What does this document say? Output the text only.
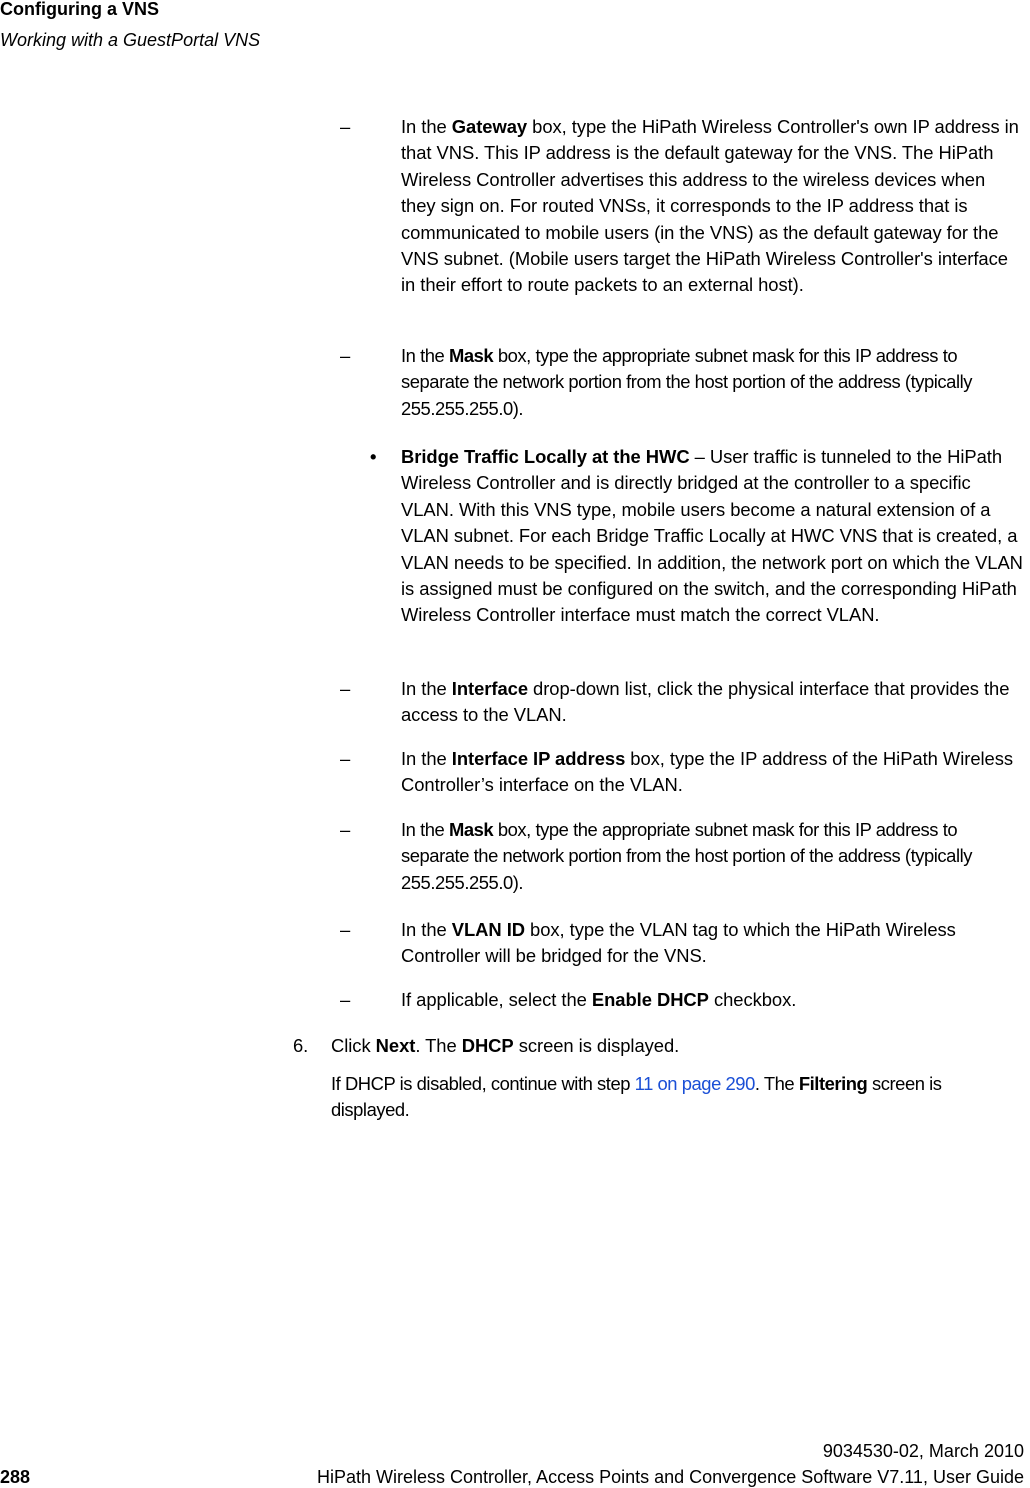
Configuring a VNS
Working with a GuestPortal VNS
–	In the Gateway box, type the HiPath Wireless Controller's own IP address in that VNS. This IP address is the default gateway for the VNS. The HiPath Wireless Controller advertises this address to the wireless devices when they sign on. For routed VNSs, it corresponds to the IP address that is communicated to mobile users (in the VNS) as the default gateway for the VNS subnet. (Mobile users target the HiPath Wireless Controller's interface in their effort to route packets to an external host).
–	In the Mask box, type the appropriate subnet mask for this IP address to separate the network portion from the host portion of the address (typically 255.255.255.0).
• Bridge Traffic Locally at the HWC – User traffic is tunneled to the HiPath Wireless Controller and is directly bridged at the controller to a specific VLAN. With this VNS type, mobile users become a natural extension of a VLAN subnet. For each Bridge Traffic Locally at HWC VNS that is created, a VLAN needs to be specified. In addition, the network port on which the VLAN is assigned must be configured on the switch, and the corresponding HiPath Wireless Controller interface must match the correct VLAN.
–	In the Interface drop-down list, click the physical interface that provides the access to the VLAN.
–	In the Interface IP address box, type the IP address of the HiPath Wireless Controller’s interface on the VLAN.
–	In the Mask box, type the appropriate subnet mask for this IP address to separate the network portion from the host portion of the address (typically 255.255.255.0).
–	In the VLAN ID box, type the VLAN tag to which the HiPath Wireless Controller will be bridged for the VNS.
–	If applicable, select the Enable DHCP checkbox.
6. Click Next. The DHCP screen is displayed.
If DHCP is disabled, continue with step 11 on page 290. The Filtering screen is displayed.
9034530-02, March 2010
288	HiPath Wireless Controller, Access Points and Convergence Software V7.11, User Guide
